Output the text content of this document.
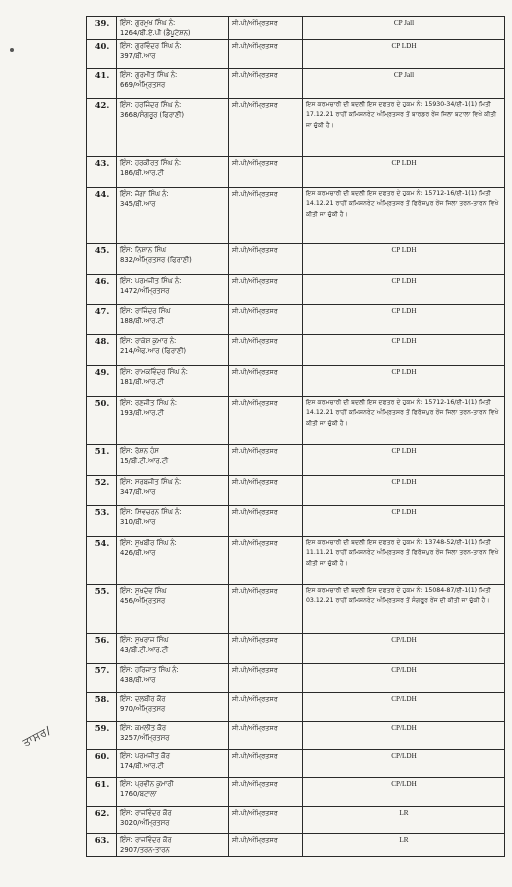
39.	ਇੰਸ: ਗੁਰਮੁਖ ਸਿੰਘ ਨੰ:
1264/ਬੀ.ਏ.ਪੀ (ਡੈਪੂਟੇਸ਼ਨ)	ਸੀ.ਪੀ/ਅੰਮ੍ਰਿਤਸਰ	CP Jall
40.	ਇੰਸ: ਗੁਰਵਿੰਦਰ ਸਿੰਘ ਨੰ:
397/ਬੀ.ਆਰ	ਸੀ.ਪੀ/ਅੰਮ੍ਰਿਤਸਰ	CP LDH
41.	ਇੰਸ: ਗੁਰਮੀਤ ਸਿੰਘ ਨੰ:
669/ਅੰਮ੍ਰਿਤਸਰ	ਸੀ.ਪੀ/ਅੰਮ੍ਰਿਤਸਰ	CP Jall
42.	ਇੰਸ: ਹਰਜਿੰਦਰ ਸਿੰਘ ਨੰ:
3668/ਸੰਗਰੂਰ (ਫਿਰਾਣੀ)	ਸੀ.ਪੀ/ਅੰਮ੍ਰਿਤਸਰ	ਇਸ ਕਰਮਚਾਰੀ ਦੀ ਬਦਲੀ ਇਸ ਦਫਤਰ ਦੇ ਹੁਕਮ ਨੰ: 15930-34/ਈ-1(1) ਮਿਤੀ 17.12.21 ਰਾਹੀਂ ਕਮਿਸ਼ਨਰੇਟ ਅੰਮ੍ਰਿਤਸਰ ਤੋਂ ਬਾਰਡਰ ਰੇਂਜ ਜਿਲਾ ਬਟਾਲਾ ਵਿਖੇ ਕੀਤੀ ਜਾ ਚੁੱਕੀ ਹੈ।
43.	ਇੰਸ: ਹਰਕੀਰਤ ਸਿੰਘ ਨੰ:
186/ਬੀ.ਆਰ.ਟੀ	ਸੀ.ਪੀ/ਅੰਮ੍ਰਿਤਸਰ	CP LDH
44.	ਇੰਸ: ਜੋਗਾ ਸਿੰਘ ਨੰ:
345/ਬੀ.ਆਰ	ਸੀ.ਪੀ/ਅੰਮ੍ਰਿਤਸਰ	ਇਸ ਕਰਮਚਾਰੀ ਦੀ ਬਦਲੀ ਇਸ ਦਫਤਰ ਦੇ ਹੁਕਮ ਨੰ: 15712-16/ਈ-1(1) ਮਿਤੀ 14.12.21 ਰਾਹੀਂ ਕਮਿਸ਼ਨਰੇਟ ਅੰਮ੍ਰਿਤਸਰ ਤੋਂ ਫਿਰੋਜ਼ਪੁਰ ਰੇਂਜ ਜਿਲਾ ਤਰਨ-ਤਾਰਨ ਵਿਖੇ ਕੀਤੀ ਜਾ ਚੁੱਕੀ ਹੈ।
45.	ਇੰਸ: ਨਿਸ਼ਾਨ ਸਿੰਘ
832/ਅੰਮ੍ਰਿਤਸਰ (ਫਿਰਾਣੀ)	ਸੀ.ਪੀ/ਅੰਮ੍ਰਿਤਸਰ	CP LDH
46.	ਇੰਸ: ਪਰਮਜੀਤ ਸਿੰਘ ਨੰ:
1472/ਅੰਮ੍ਰਿਤਸਰ	ਸੀ.ਪੀ/ਅੰਮ੍ਰਿਤਸਰ	CP LDH
47.	ਇੰਸ: ਰਾਜਿੰਦਰ ਸਿੰਘ
188/ਬੀ.ਆਰ.ਟੀ	ਸੀ.ਪੀ/ਅੰਮ੍ਰਿਤਸਰ	CP LDH
48.	ਇੰਸ: ਰਾਕੇਸ਼ ਕੁਮਾਰ ਨੰ:
214/ਐਫ.ਆਰ (ਫਿਰਾਣੀ)	ਸੀ.ਪੀ/ਅੰਮ੍ਰਿਤਸਰ	CP LDH
49.	ਇੰਸ: ਰਾਮਕਵਿੰਦਰ ਸਿੰਘ ਨੰ:
181/ਬੀ.ਆਰ.ਟੀ	ਸੀ.ਪੀ/ਅੰਮ੍ਰਿਤਸਰ	CP LDH
50.	ਇੰਸ: ਰਣਜੀਤ ਸਿੰਘ ਨੰ:
193/ਬੀ.ਆਰ.ਟੀ	ਸੀ.ਪੀ/ਅੰਮ੍ਰਿਤਸਰ	ਇਸ ਕਰਮਚਾਰੀ ਦੀ ਬਦਲੀ ਇਸ ਦਫਤਰ ਦੇ ਹੁਕਮ ਨੰ: 15712-16/ਈ-1(1) ਮਿਤੀ 14.12.21 ਰਾਹੀਂ ਕਮਿਸ਼ਨਰੇਟ ਅੰਮ੍ਰਿਤਸਰ ਤੋਂ ਫਿਰੋਜ਼ਪੁਰ ਰੇਂਜ ਜਿਲਾ ਤਰਨ-ਤਾਰਨ ਵਿਖੇ ਕੀਤੀ ਜਾ ਚੁੱਕੀ ਹੈ।
51.	ਇੰਸ: ਰੋਸ਼ਨ ਹੰਸ
15/ਬੀ.ਟੀ.ਆਰ.ਟੀ	ਸੀ.ਪੀ/ਅੰਮ੍ਰਿਤਸਰ	CP LDH
52.	ਇੰਸ: ਸਰਬਜੀਤ ਸਿੰਘ ਨੰ:
347/ਬੀ.ਆਰ	ਸੀ.ਪੀ/ਅੰਮ੍ਰਿਤਸਰ	CP LDH
53.	ਇੰਸ: ਸਿਵਚਰਨ ਸਿੰਘ ਨੰ:
310/ਬੀ.ਆਰ	ਸੀ.ਪੀ/ਅੰਮ੍ਰਿਤਸਰ	CP LDH
54.	ਇੰਸ: ਸੁਖਬੀਰ ਸਿੰਘ ਨੰ:
426/ਬੀ.ਆਰ	ਸੀ.ਪੀ/ਅੰਮ੍ਰਿਤਸਰ	ਇਸ ਕਰਮਚਾਰੀ ਦੀ ਬਦਲੀ ਇਸ ਦਫਤਰ ਦੇ ਹੁਕਮ ਨੰ: 13748-52/ਈ-1(1) ਮਿਤੀ 11.11.21 ਰਾਹੀਂ ਕਮਿਸ਼ਨਰੇਟ ਅੰਮ੍ਰਿਤਸਰ ਤੋਂ ਫਿਰੋਜ਼ਪੁਰ ਰੇਂਜ ਜਿਲਾ ਤਰਨ-ਤਾਰਨ ਵਿਖੇ ਕੀਤੀ ਜਾ ਚੁੱਕੀ ਹੈ।
55.	ਇੰਸ: ਸੁਖਦੇਵ ਸਿੰਘ
456/ਅੰਮ੍ਰਿਤਸਰ	ਸੀ.ਪੀ/ਅੰਮ੍ਰਿਤਸਰ	ਇਸ ਕਰਮਚਾਰੀ ਦੀ ਬਦਲੀ ਇਸ ਦਫਤਰ ਦੇ ਹੁਕਮ ਨੰ: 15084-87/ਈ-1(1) ਮਿਤੀ 03.12.21 ਰਾਹੀਂ ਕਮਿਸ਼ਨਰੇਟ ਅੰਮ੍ਰਿਤਸਰ ਤੋਂ ਸੰਗਰੂਰ ਰੇਂਜ ਦੀ ਕੀਤੀ ਜਾ ਚੁੱਕੀ ਹੈ।
56.	ਇੰਸ: ਸੁਖਰਾਜ ਸਿੰਘ
43/ਬੀ.ਟੀ.ਆਰ.ਟੀ	ਸੀ.ਪੀ/ਅੰਮ੍ਰਿਤਸਰ	CP/LDH
57.	ਇੰਸ: ਹਰਿਜਾਤ ਸਿੰਘ ਨੰ:
438/ਬੀ.ਆਰ	ਸੀ.ਪੀ/ਅੰਮ੍ਰਿਤਸਰ	CP/LDH
58.	ਇੰਸ: ਦਲਬੀਰ ਕੌਰ
970/ਅੰਮ੍ਰਿਤਸਰ	ਸੀ.ਪੀ/ਅੰਮ੍ਰਿਤਸਰ	CP/LDH
59.	ਇੰਸ: ਕਮਲੀਤ ਕੌਰ
3257/ਅੰਮ੍ਰਿਤਸਰ	ਸੀ.ਪੀ/ਅੰਮ੍ਰਿਤਸਰ	CP/LDH
60.	ਇੰਸ: ਪਰਮਜੀਤ ਕੌਰ
174/ਬੀ.ਆਰ.ਟੀ	ਸੀ.ਪੀ/ਅੰਮ੍ਰਿਤਸਰ	CP/LDH
61.	ਇੰਸ: ਪ੍ਰਵੀਨ ਕੁਮਾਰੀ
1760/ਬਟਾਲਾ	ਸੀ.ਪੀ/ਅੰਮ੍ਰਿਤਸਰ	CP/LDH
62.	ਇੰਸ: ਰਾਜਵਿੰਦਰ ਕੌਰ
3020/ਅੰਮ੍ਰਿਤਸਰ	ਸੀ.ਪੀ/ਅੰਮ੍ਰਿਤਸਰ	LR
63.	ਇੰਸ: ਰਾਜਵਿੰਦਰ ਕੌਰ
2907/ਤਰਨ-ਤਾਰਨ	ਸੀ.ਪੀ/ਅੰਮ੍ਰਿਤਸਰ	LR
ਤਾਸਰ/
